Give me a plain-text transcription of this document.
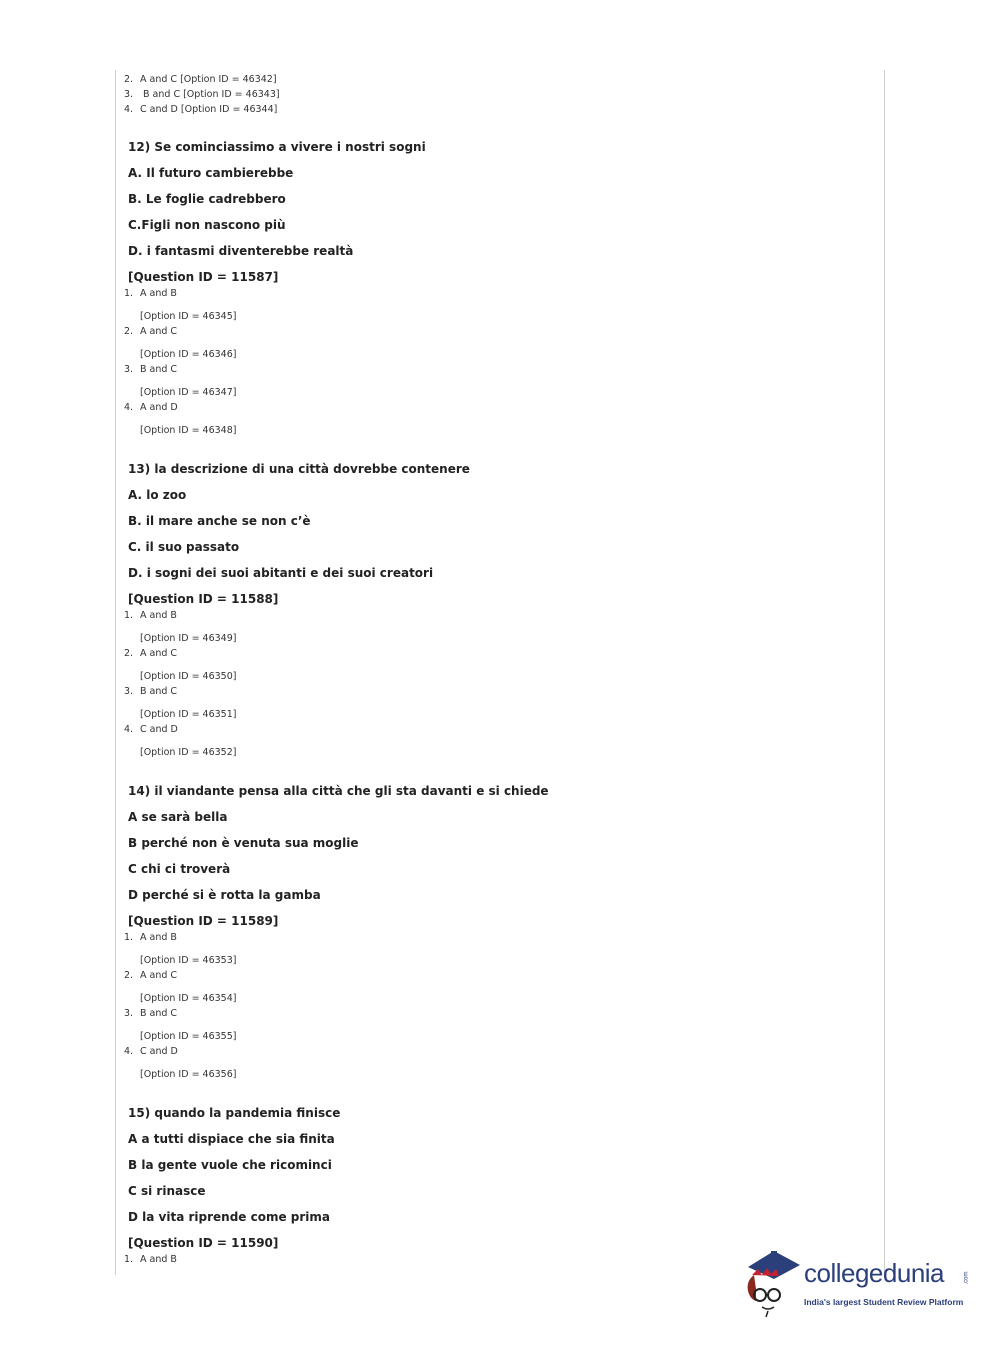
2. A and C [Option ID = 46342]
3. B and C [Option ID = 46343]
4. C and D [Option ID = 46344]
12) Se cominciassimo a vivere i nostri sogni
A. Il futuro cambierebbe
B. Le foglie cadrebbero
C.Figli non nascono più
D. i fantasmi diventerebbe realtà
[Question ID = 11587]
1. A and B
[Option ID = 46345]
2. A and C
[Option ID = 46346]
3. B and C
[Option ID = 46347]
4. A and D
[Option ID = 46348]
13) la descrizione di una città dovrebbe contenere
A. lo zoo
B. il mare anche se non c’è
C. il suo passato
D. i sogni dei suoi abitanti e dei suoi creatori
[Question ID = 11588]
1. A and B
[Option ID = 46349]
2. A and C
[Option ID = 46350]
3. B and C
[Option ID = 46351]
4. C and D
[Option ID = 46352]
14) il viandante pensa alla città che gli sta davanti e si chiede
A se sarà bella
B perché non è venuta sua moglie
C chi ci troverà
D perché si è rotta la gamba
[Question ID = 11589]
1. A and B
[Option ID = 46353]
2. A and C
[Option ID = 46354]
3. B and C
[Option ID = 46355]
4. C and D
[Option ID = 46356]
15) quando la pandemia finisce
A a tutti dispiace che sia finita
B la gente vuole che ricominci
C si rinasce
D la vita riprende come prima
[Question ID = 11590]
1. A and B	collegedunia	.com
India's largest Student Review Platform
